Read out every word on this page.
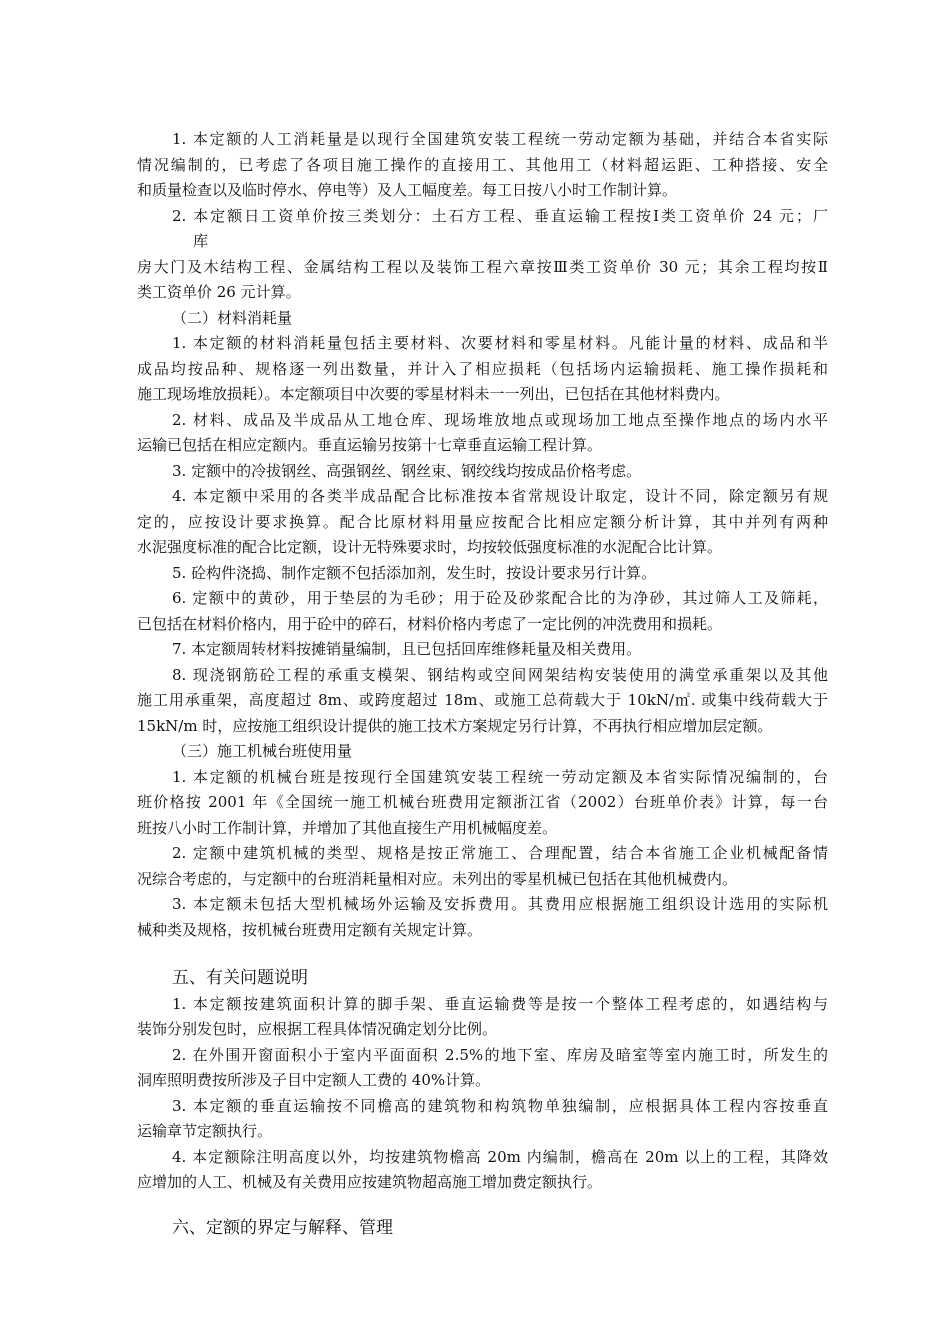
1. 本定额的人工消耗量是以现行全国建筑安装工程统一劳动定额为基础，并结合本省实际
情况编制的，已考虑了各项目施工操作的直接用工、其他用工（材料超运距、工种搭接、安全
和质量检查以及临时停水、停电等）及人工幅度差。每工日按八小时工作制计算。
2. 本定额日工资单价按三类划分：土石方工程、垂直运输工程按Ⅰ类工资单价 24 元；厂
库
房大门及木结构工程、金属结构工程以及装饰工程六章按Ⅲ类工资单价 30 元；其余工程均按Ⅱ
类工资单价 26 元计算。
（二）材料消耗量
1. 本定额的材料消耗量包括主要材料、次要材料和零星材料。凡能计量的材料、成品和半
成品均按品种、规格逐一列出数量，并计入了相应损耗（包括场内运输损耗、施工操作损耗和
施工现场堆放损耗）。本定额项目中次要的零星材料未一一列出，已包括在其他材料费内。
2. 材料、成品及半成品从工地仓库、现场堆放地点或现场加工地点至操作地点的场内水平
运输已包括在相应定额内。垂直运输另按第十七章垂直运输工程计算。
3. 定额中的冷拔钢丝、高强钢丝、钢丝束、钢绞线均按成品价格考虑。
4. 本定额中采用的各类半成品配合比标准按本省常规设计取定，设计不同，除定额另有规
定的，应按设计要求换算。配合比原材料用量应按配合比相应定额分析计算，其中并列有两种
水泥强度标准的配合比定额，设计无特殊要求时，均按较低强度标准的水泥配合比计算。
5. 砼构件浇捣、制作定额不包括添加剂，发生时，按设计要求另行计算。
6. 定额中的黄砂，用于垫层的为毛砂；用于砼及砂浆配合比的为净砂，其过筛人工及筛耗，
已包括在材料价格内，用于砼中的碎石，材料价格内考虑了一定比例的冲洗费用和损耗。
7. 本定额周转材料按摊销量编制，且已包括回库维修耗量及相关费用。
8. 现浇钢筋砼工程的承重支模架、钢结构或空间网架结构安装使用的满堂承重架以及其他
施工用承重架，高度超过 8m、或跨度超过 18m、或施工总荷载大于 10kN/㎡. 或集中线荷载大于
15kN/m 时，应按施工组织设计提供的施工技术方案规定另行计算，不再执行相应增加层定额。
（三）施工机械台班使用量
1. 本定额的机械台班是按现行全国建筑安装工程统一劳动定额及本省实际情况编制的，台
班价格按 2001 年《全国统一施工机械台班费用定额浙江省（2002）台班单价表》计算，每一台
班按八小时工作制计算，并增加了其他直接生产用机械幅度差。
2. 定额中建筑机械的类型、规格是按正常施工、合理配置，结合本省施工企业机械配备情
况综合考虑的，与定额中的台班消耗量相对应。未列出的零星机械已包括在其他机械费内。
3. 本定额未包括大型机械场外运输及安拆费用。其费用应根据施工组织设计选用的实际机
械种类及规格，按机械台班费用定额有关规定计算。
五、有关问题说明
1. 本定额按建筑面积计算的脚手架、垂直运输费等是按一个整体工程考虑的，如遇结构与
装饰分别发包时，应根据工程具体情况确定划分比例。
2. 在外围开窗面积小于室内平面面积 2.5%的地下室、库房及暗室等室内施工时，所发生的
洞库照明费按所涉及子目中定额人工费的 40%计算。
3. 本定额的垂直运输按不同檐高的建筑物和构筑物单独编制，应根据具体工程内容按垂直
运输章节定额执行。
4. 本定额除注明高度以外，均按建筑物檐高 20m 内编制，檐高在 20m 以上的工程，其降效
应增加的人工、机械及有关费用应按建筑物超高施工增加费定额执行。
六、定额的界定与解释、管理
